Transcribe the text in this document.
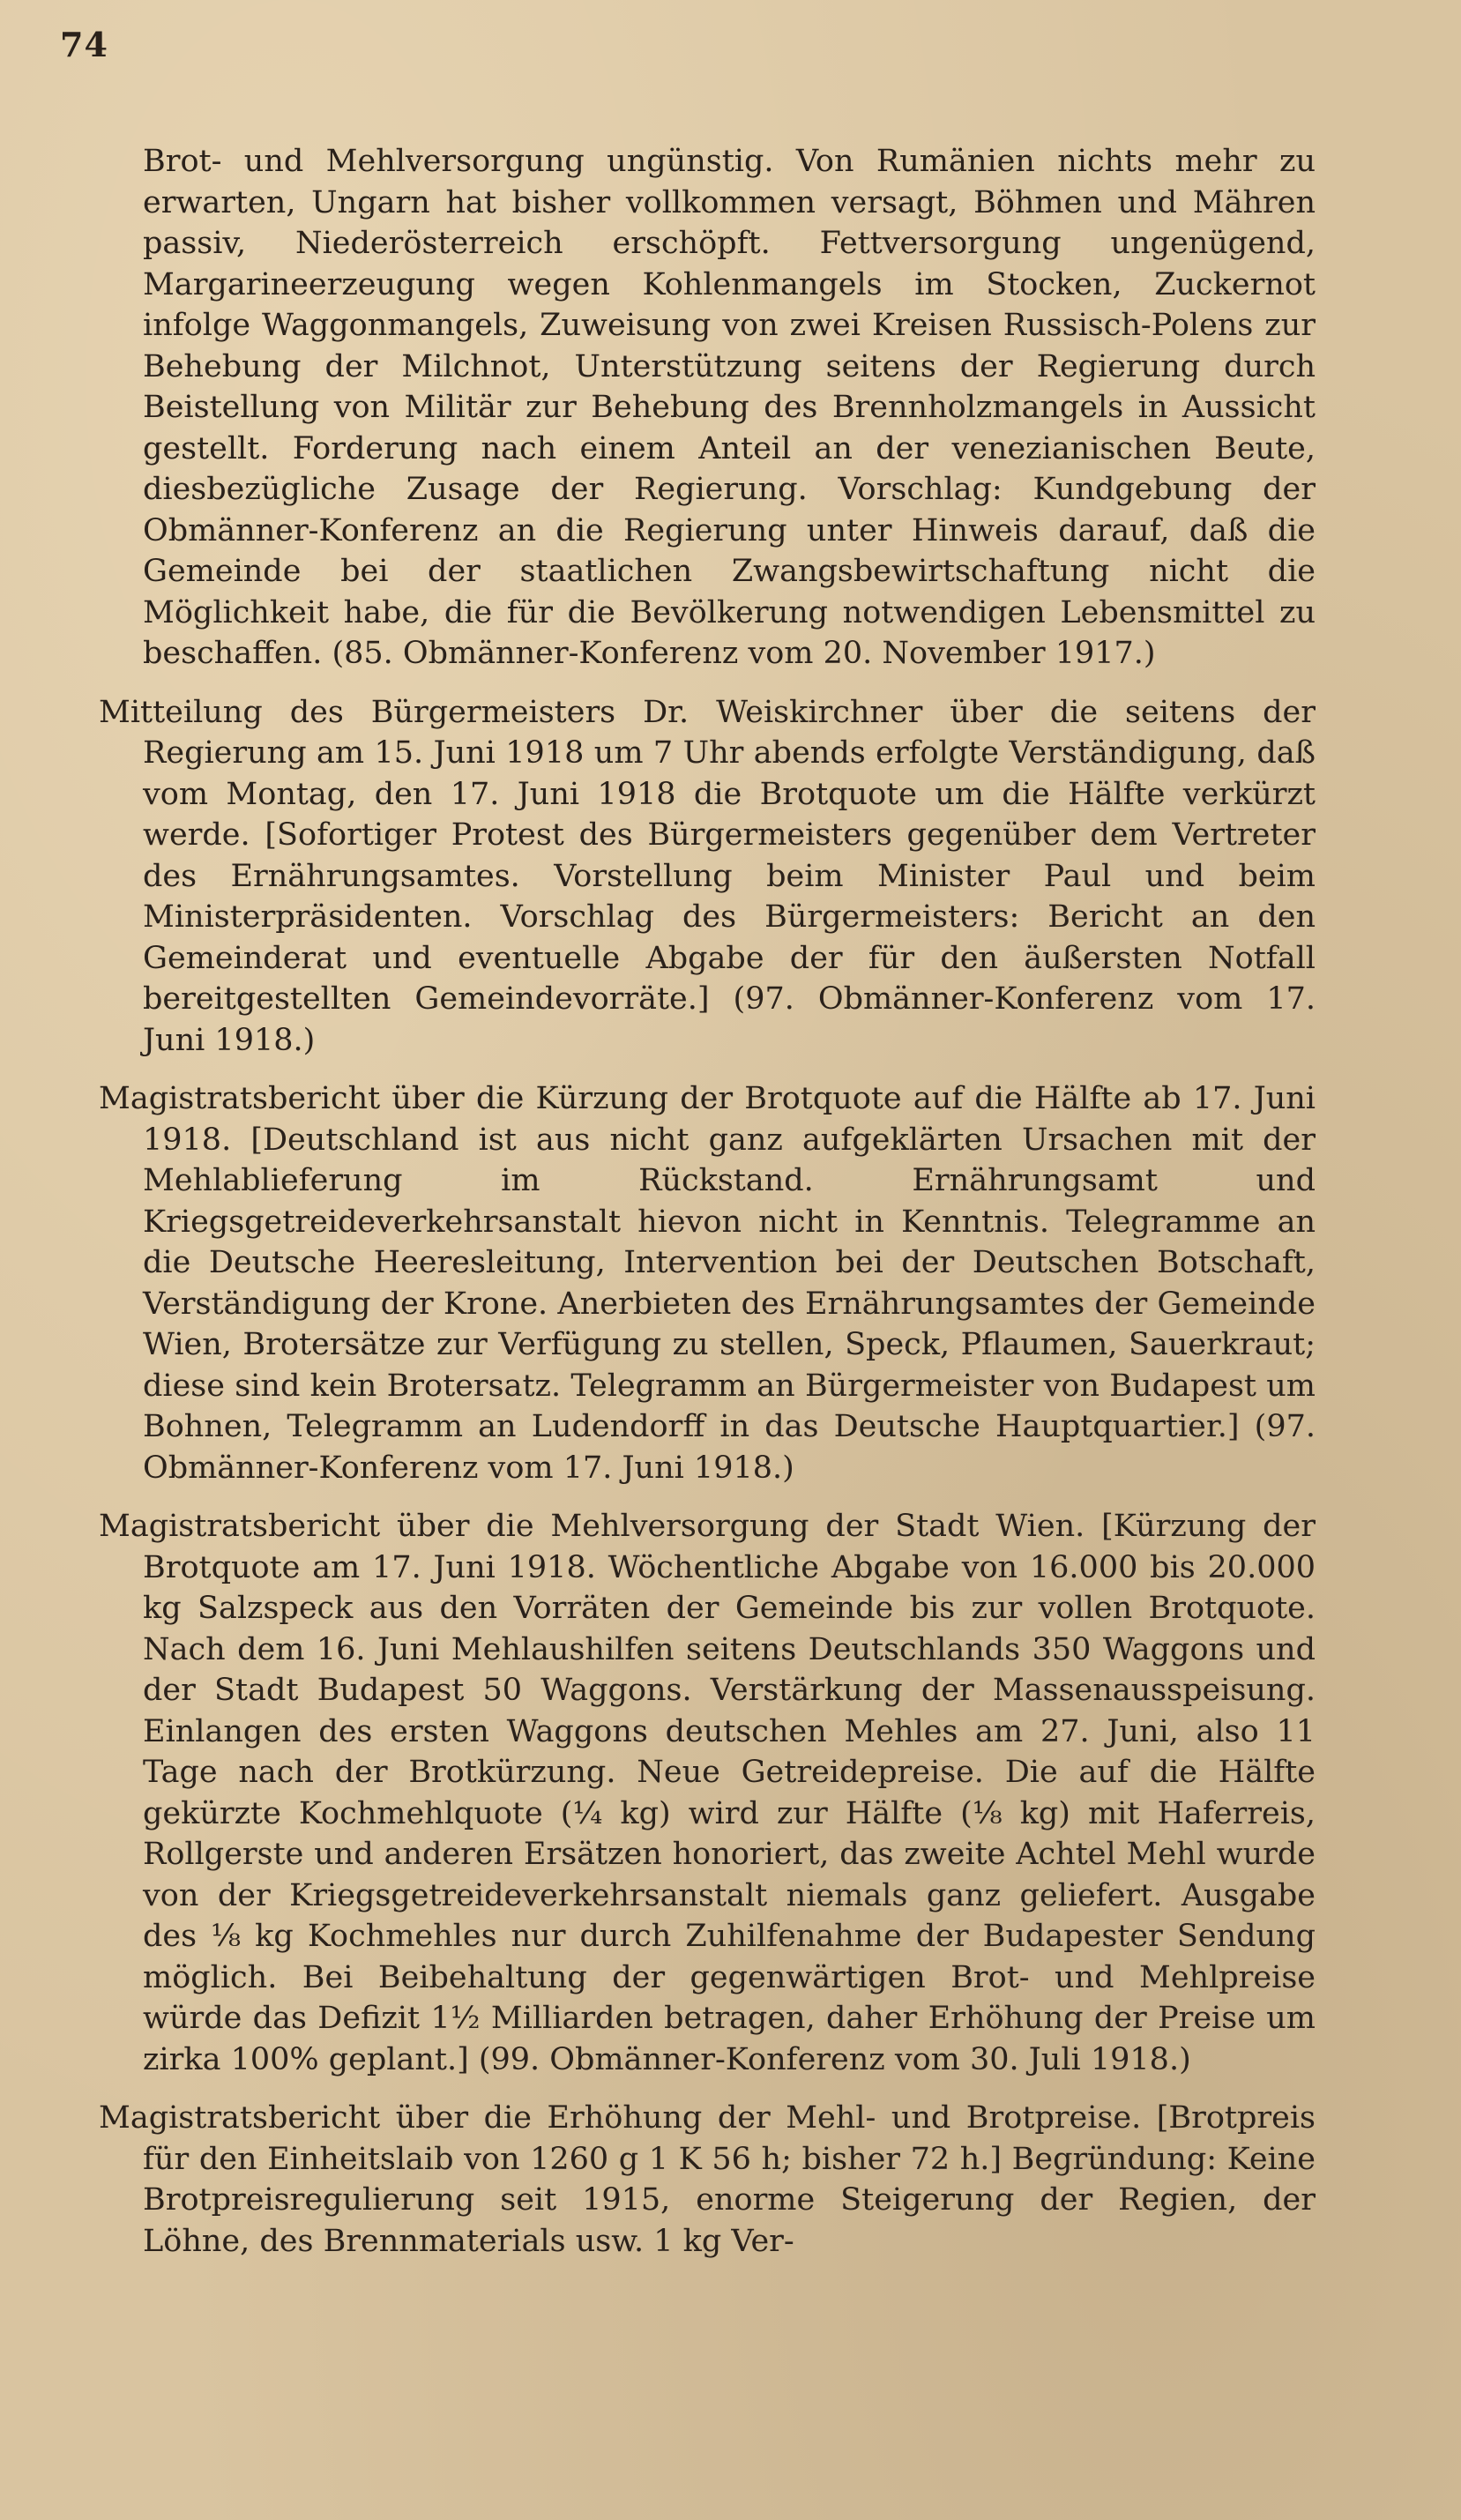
74

Brot- und Mehlversorgung ungünstig. Von Rumänien nichts mehr zu erwarten, Ungarn hat bisher vollkommen versagt, Böhmen und Mähren passiv, Niederösterreich erschöpft. Fettversorgung ungenügend, Margarineerzeugung wegen Kohlenmangels im Stocken, Zuckernot infolge Waggonmangels, Zuweisung von zwei Kreisen Russisch-Polens zur Behebung der Milchnot, Unterstützung seitens der Regierung durch Beistellung von Militär zur Behebung des Brennholzmangels in Aussicht gestellt. Forderung nach einem Anteil an der venezianischen Beute, diesbezügliche Zusage der Regierung. Vorschlag: Kundgebung der Obmänner-Konferenz an die Regierung unter Hinweis darauf, daß die Gemeinde bei der staatlichen Zwangsbewirtschaftung nicht die Möglichkeit habe, die für die Bevölkerung notwendigen Lebensmittel zu beschaffen. (85. Obmänner-Konferenz vom 20. November 1917.)

Mitteilung des Bürgermeisters Dr. Weiskirchner über die seitens der Regierung am 15. Juni 1918 um 7 Uhr abends erfolgte Verständigung, daß vom Montag, den 17. Juni 1918 die Brotquote um die Hälfte verkürzt werde. [Sofortiger Protest des Bürgermeisters gegenüber dem Vertreter des Ernährungsamtes. Vorstellung beim Minister Paul und beim Ministerpräsidenten. Vorschlag des Bürgermeisters: Bericht an den Gemeinderat und eventuelle Abgabe der für den äußersten Notfall bereitgestellten Gemeindevorräte.] (97. Obmänner-Konferenz vom 17. Juni 1918.)

Magistratsbericht über die Kürzung der Brotquote auf die Hälfte ab 17. Juni 1918. [Deutschland ist aus nicht ganz aufgeklärten Ursachen mit der Mehlablieferung im Rückstand. Ernährungsamt und Kriegsgetreideverkehrsanstalt hievon nicht in Kenntnis. Telegramme an die Deutsche Heeresleitung, Intervention bei der Deutschen Botschaft, Verständigung der Krone. Anerbieten des Ernährungsamtes der Gemeinde Wien, Brotersätze zur Verfügung zu stellen, Speck, Pflaumen, Sauerkraut; diese sind kein Brotersatz. Telegramm an Bürgermeister von Budapest um Bohnen, Telegramm an Ludendorff in das Deutsche Hauptquartier.] (97. Obmänner-Konferenz vom 17. Juni 1918.)

Magistratsbericht über die Mehlversorgung der Stadt Wien. [Kürzung der Brotquote am 17. Juni 1918. Wöchentliche Abgabe von 16.000 bis 20.000 kg Salzspeck aus den Vorräten der Gemeinde bis zur vollen Brotquote. Nach dem 16. Juni Mehlaushilfen seitens Deutschlands 350 Waggons und der Stadt Budapest 50 Waggons. Verstärkung der Massenausspeisung. Einlangen des ersten Waggons deutschen Mehles am 27. Juni, also 11 Tage nach der Brotkürzung. Neue Getreidepreise. Die auf die Hälfte gekürzte Kochmehlquote (¼ kg) wird zur Hälfte (⅛ kg) mit Haferreis, Rollgerste und anderen Ersätzen honoriert, das zweite Achtel Mehl wurde von der Kriegsgetreideverkehrsanstalt niemals ganz geliefert. Ausgabe des ⅛ kg Kochmehles nur durch Zuhilfenahme der Budapester Sendung möglich. Bei Beibehaltung der gegenwärtigen Brot- und Mehlpreise würde das Defizit 1½ Milliarden betragen, daher Erhöhung der Preise um zirka 100% geplant.] (99. Obmänner-Konferenz vom 30. Juli 1918.)

Magistratsbericht über die Erhöhung der Mehl- und Brotpreise. [Brotpreis für den Einheitslaib von 1260 g 1 K 56 h; bisher 72 h.] Begründung: Keine Brotpreisregulierung seit 1915, enorme Steigerung der Regien, der Löhne, des Brennmaterials usw. 1 kg Ver-
